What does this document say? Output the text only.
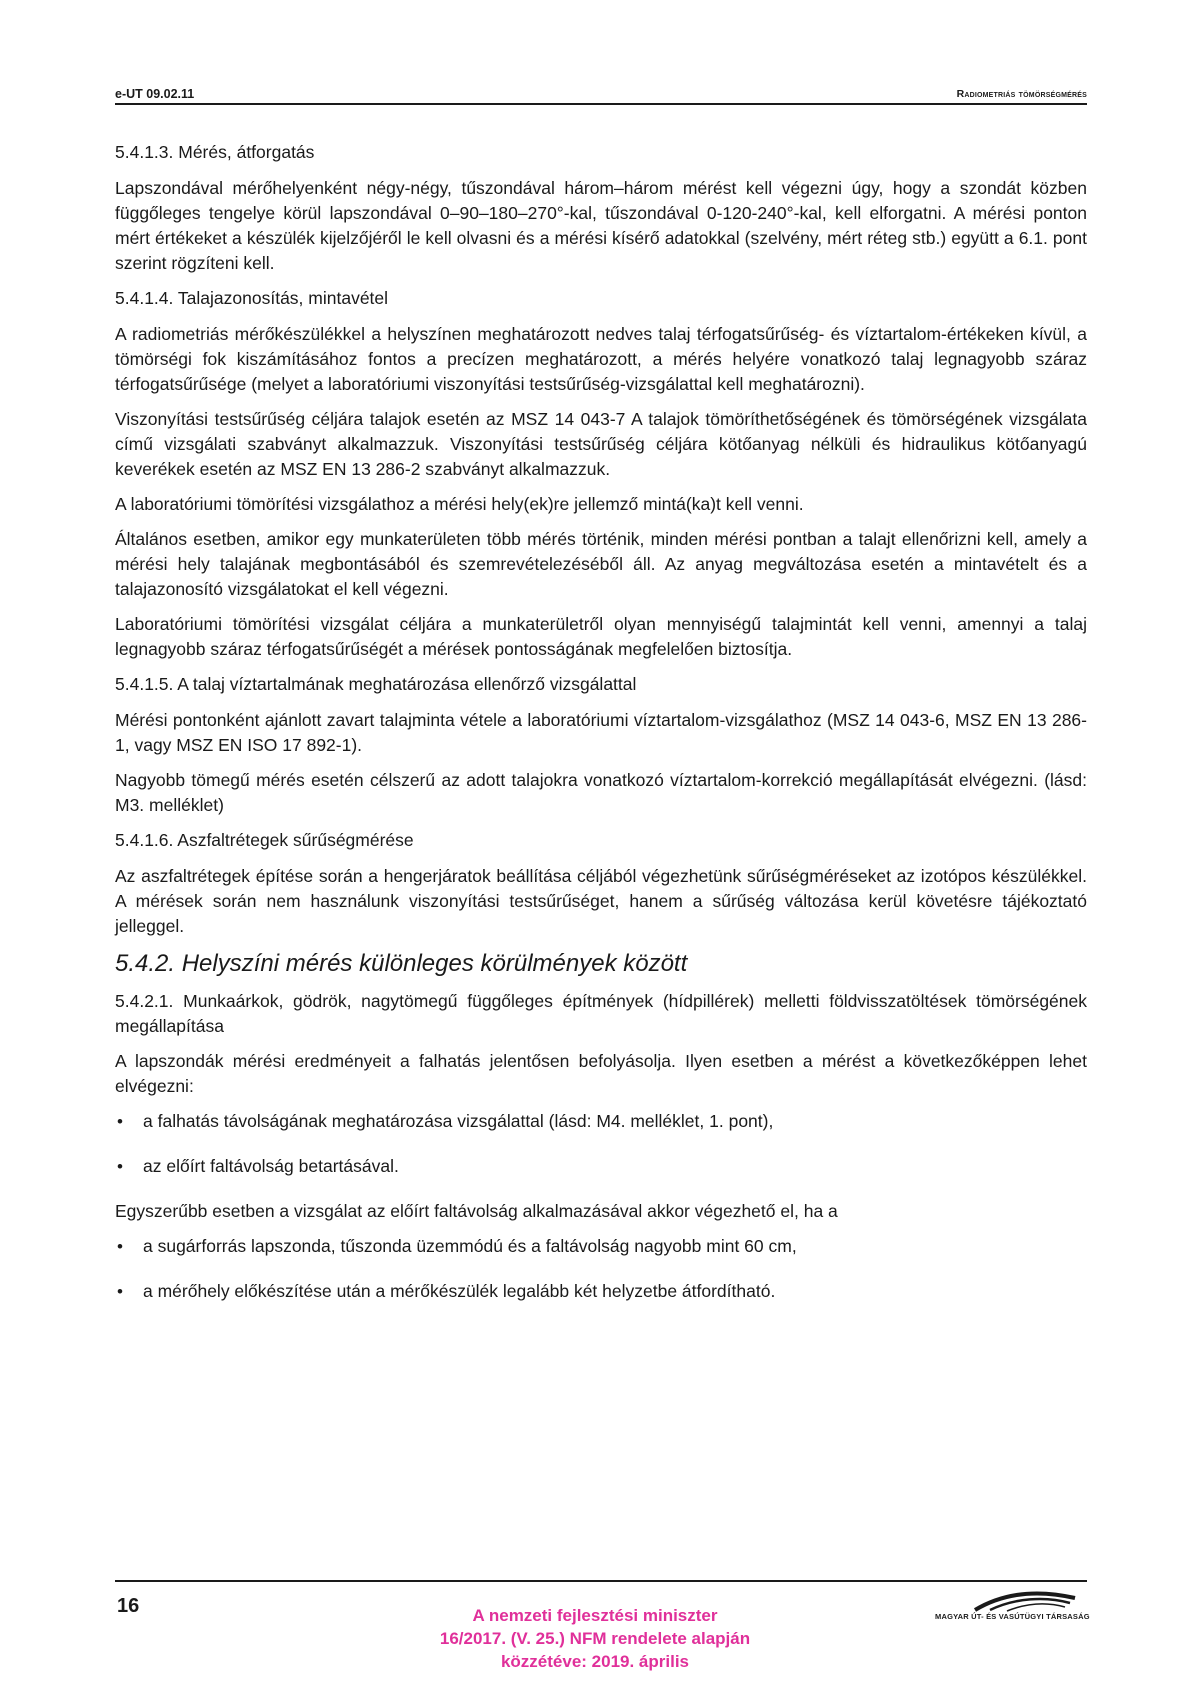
e-UT 09.02.11	Radiometriás tömörségmérés
5.4.1.3. Mérés, átforgatás

Lapszondával mérőhelyenként négy-négy, tűszondával három–három mérést kell végezni úgy, hogy a szondát közben függőleges tengelye körül lapszondával 0–90–180–270°-kal, tűszondával 0-120-240°-kal, kell elforgatni. A mérési ponton mért értékeket a készülék kijelzőjéről le kell olvasni és a mérési kísérő adatokkal (szelvény, mért réteg stb.) együtt a 6.1. pont szerint rögzíteni kell.

5.4.1.4. Talajazonosítás, mintavétel

A radiometriás mérőkészülékkel a helyszínen meghatározott nedves talaj térfogatsűrűség- és víztartalom-értékeken kívül, a tömörségi fok kiszámításához fontos a precízen meghatározott, a mérés helyére vonatkozó talaj legnagyobb száraz térfogatsűrűsége (melyet a laboratóriumi viszonyítási testsűrűség-vizsgálattal kell meghatározni).

Viszonyítási testsűrűség céljára talajok esetén az MSZ 14 043-7 A talajok tömöríthetőségének és tömörségének vizsgálata című vizsgálati szabványt alkalmazzuk. Viszonyítási testsűrűség céljára kötőanyag nélküli és hidraulikus kötőanyagú keverékek esetén az MSZ EN 13 286-2 szabványt alkalmazzuk.

A laboratóriumi tömörítési vizsgálathoz a mérési hely(ek)re jellemző mintá(ka)t kell venni.

Általános esetben, amikor egy munkaterületen több mérés történik, minden mérési pontban a talajt ellenőrizni kell, amely a mérési hely talajának megbontásából és szemrevételezéséből áll. Az anyag megváltozása esetén a mintavételt és a talajazonosító vizsgálatokat el kell végezni.

Laboratóriumi tömörítési vizsgálat céljára a munkaterületről olyan mennyiségű talajmintát kell venni, amennyi a talaj legnagyobb száraz térfogatsűrűségét a mérések pontosságának megfelelően biztosítja.

5.4.1.5. A talaj víztartalmának meghatározása ellenőrző vizsgálattal

Mérési pontonként ajánlott zavart talajminta vétele a laboratóriumi víztartalom-vizsgálathoz (MSZ 14 043-6, MSZ EN 13 286-1, vagy MSZ EN ISO 17 892-1).

Nagyobb tömegű mérés esetén célszerű az adott talajokra vonatkozó víztartalom-korrekció megállapítását elvégezni. (lásd: M3. melléklet)

5.4.1.6. Aszfaltrétegek sűrűségmérése

Az aszfaltrétegek építése során a hengerjáratok beállítása céljából végezhetünk sűrűségméréseket az izotópos készülékkel. A mérések során nem használunk viszonyítási testsűrűséget, hanem a sűrűség változása kerül követésre tájékoztató jelleggel.

5.4.2. Helyszíni mérés különleges körülmények között

5.4.2.1. Munkaárkok, gödrök, nagytömegű függőleges építmények (hídpillérek) melletti földvisszatöltések tömörségének megállapítása

A lapszondák mérési eredményeit a falhatás jelentősen befolyásolja. Ilyen esetben a mérést a következőképpen lehet elvégezni:

• a falhatás távolságának meghatározása vizsgálattal (lásd: M4. melléklet, 1. pont),
• az előírt faltávolság betartásával.

Egyszerűbb esetben a vizsgálat az előírt faltávolság alkalmazásával akkor végezhető el, ha a

• a sugárforrás lapszonda, tűszonda üzemmódú és a faltávolság nagyobb mint 60 cm,
• a mérőhely előkészítése után a mérőkészülék legalább két helyzetbe átfordítható.
16	A nemzeti fejlesztési miniszter
16/2017. (V. 25.) NFM rendelete alapján
közzétéve: 2019. április
MAGYAR ÚT- ÉS VASÚTÜGYI TÁRSASÁG
